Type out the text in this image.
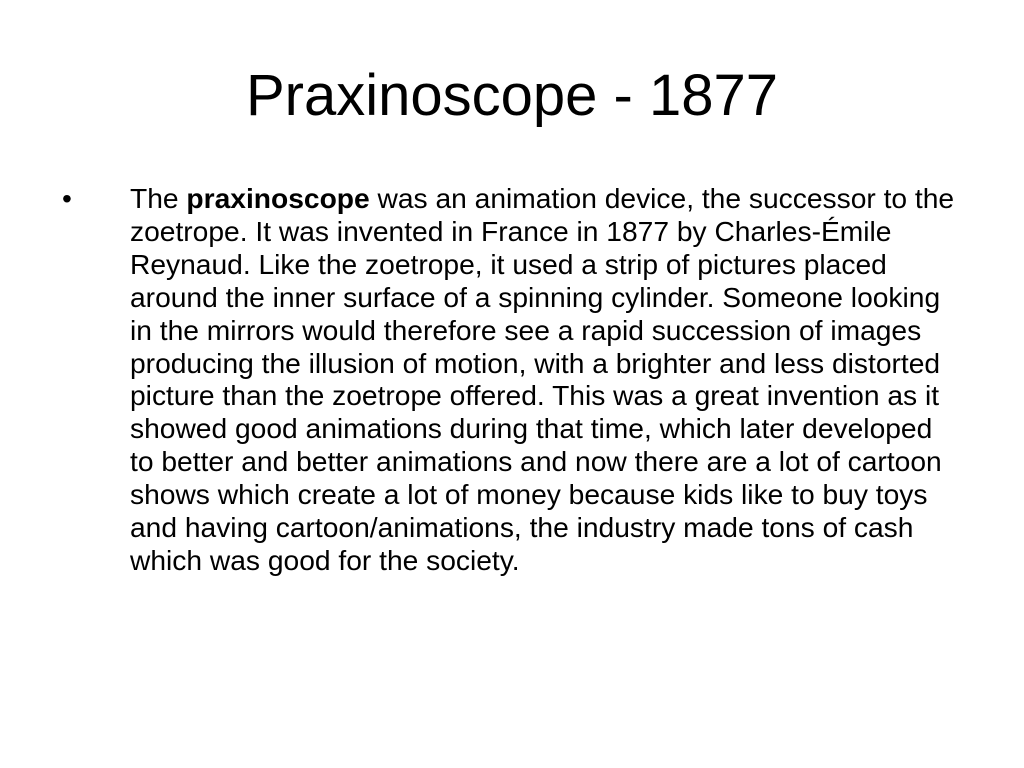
Praxinoscope - 1877
• The praxinoscope was an animation device, the successor to the zoetrope. It was invented in France in 1877 by Charles-Émile Reynaud. Like the zoetrope, it used a strip of pictures placed around the inner surface of a spinning cylinder. Someone looking in the mirrors would therefore see a rapid succession of images producing the illusion of motion, with a brighter and less distorted picture than the zoetrope offered. This was a great invention as it showed good animations during that time, which later developed to better and better animations and now there are a lot of cartoon shows which create a lot of money because kids like to buy toys and having cartoon/animations, the industry made tons of cash which was good for the society.
